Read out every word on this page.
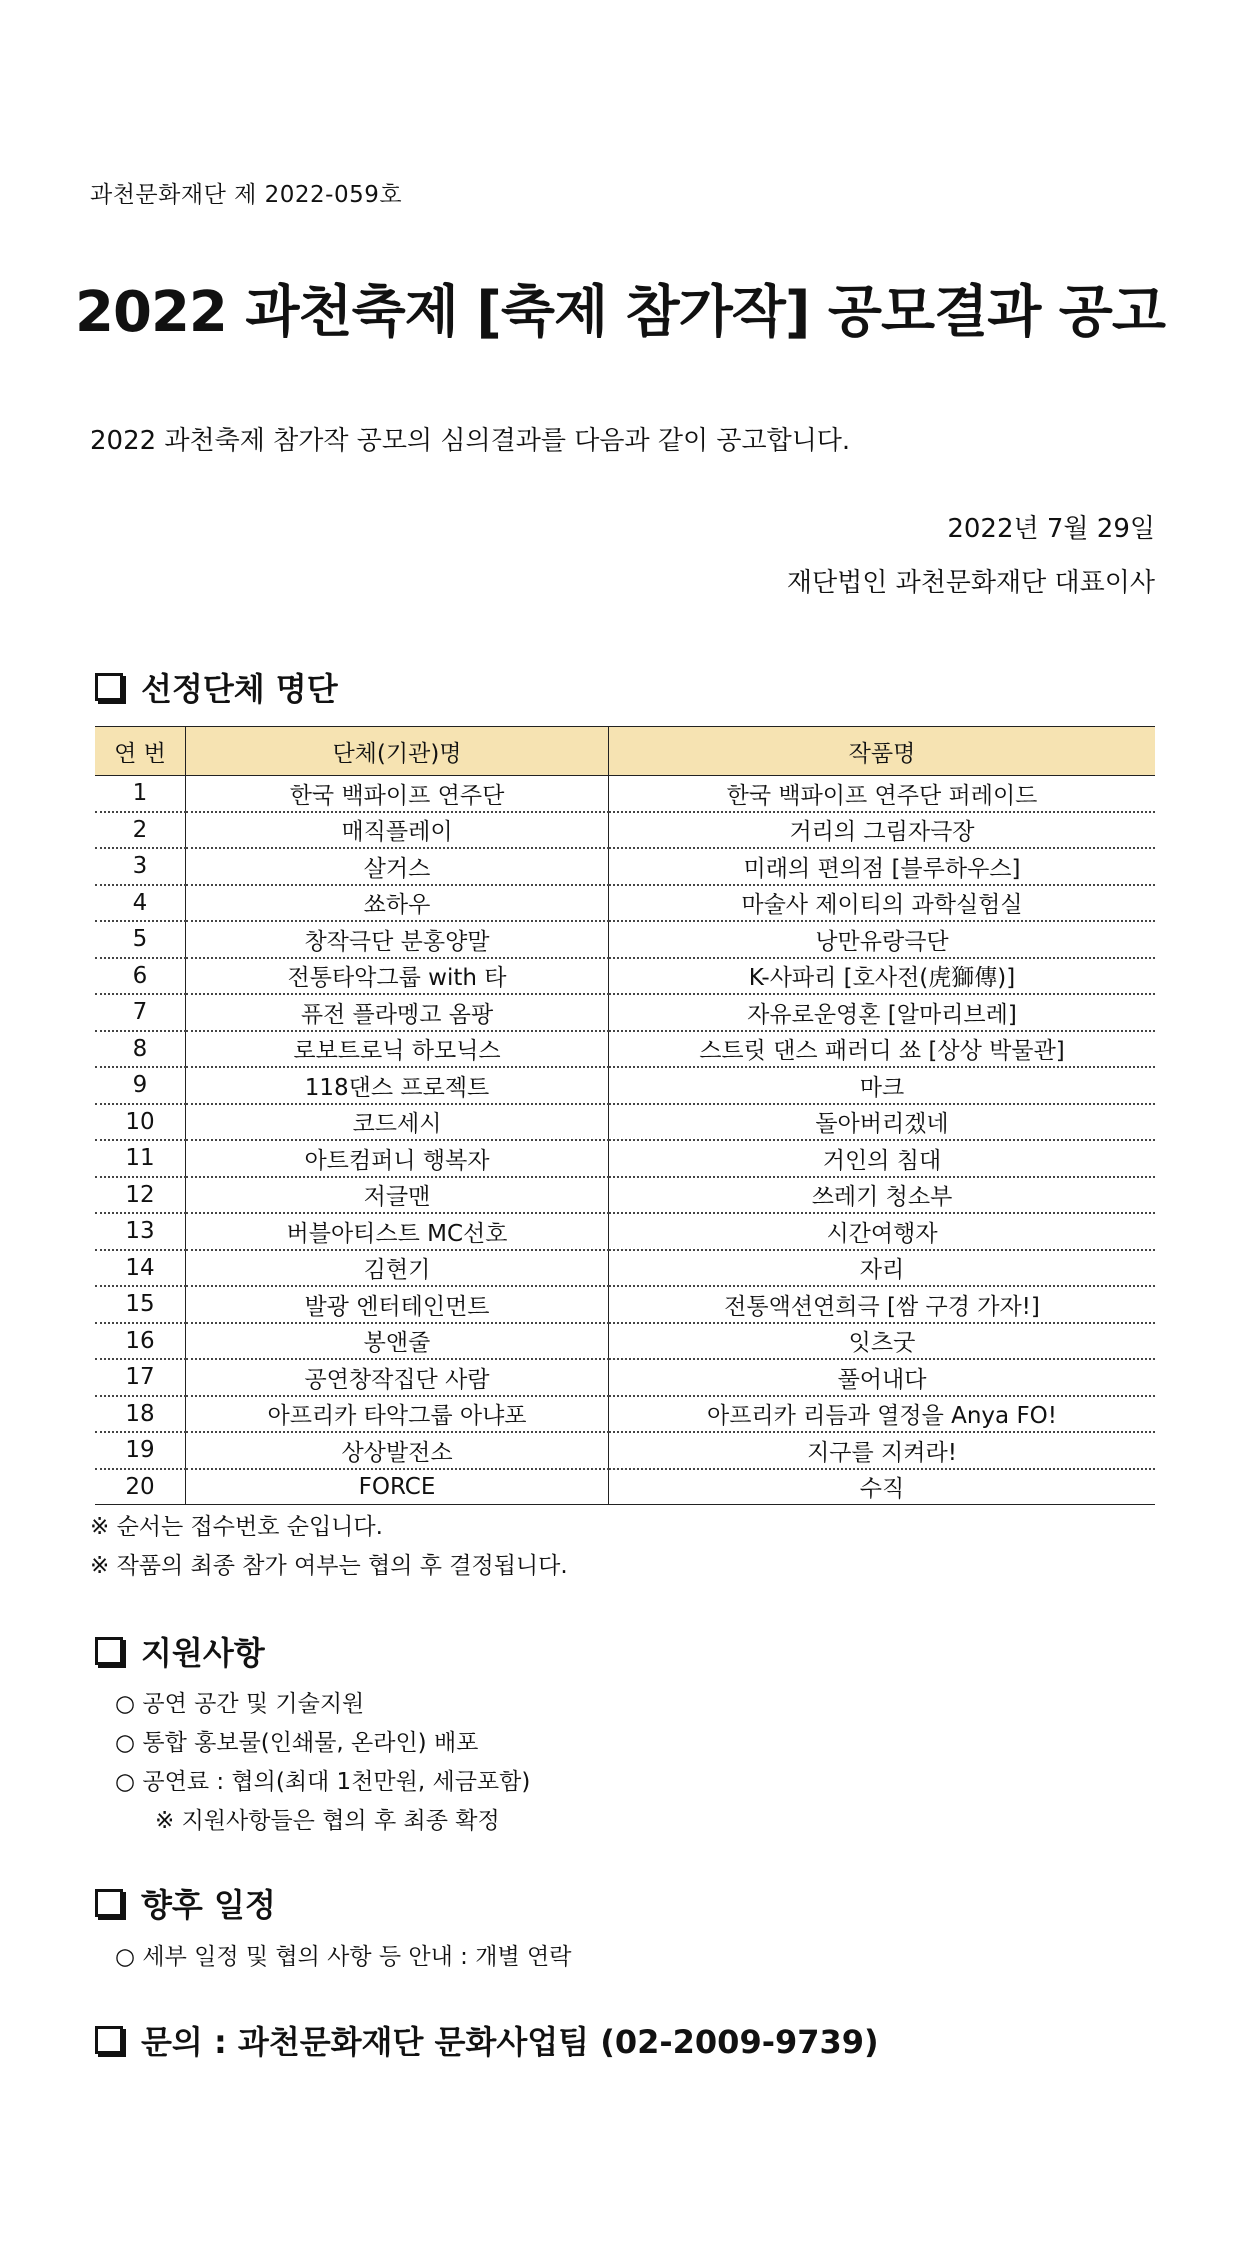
과천문화재단 제 2022-059호
2022 과천축제 [축제 참가작] 공모결과 공고
2022 과천축제 참가작 공모의 심의결과를 다음과 같이 공고합니다.
2022년 7월 29일
재단법인 과천문화재단 대표이사
선정단체 명단
연 번	단체(기관)명	작품명
1	한국 백파이프 연주단	한국 백파이프 연주단 퍼레이드
2	매직플레이	거리의 그림자극장
3	살거스	미래의 편의점 [블루하우스]
4	쑈하우	마술사 제이티의 과학실험실
5	창작극단 분홍양말	낭만유랑극단
6	전통타악그룹 with 타	K-사파리 [호사전(虎獅傳)]
7	퓨전 플라멩고 옴팡	자유로운영혼 [알마리브레]
8	로보트로닉 하모닉스	스트릿 댄스 패러디 쑈 [상상 박물관]
9	118댄스 프로젝트	마크
10	코드세시	돌아버리겠네
11	아트컴퍼니 행복자	거인의 침대
12	저글맨	쓰레기 청소부
13	버블아티스트 MC선호	시간여행자
14	김현기	자리
15	발광 엔터테인먼트	전통액션연희극 [쌈 구경 가자!]
16	봉앤줄	잇츠굿
17	공연창작집단 사람	풀어내다
18	아프리카 타악그룹 아냐포	아프리카 리듬과 열정을 Anya FO!
19	상상발전소	지구를 지켜라!
20	FORCE	수직
※ 순서는 접수번호 순입니다.
※ 작품의 최종 참가 여부는 협의 후 결정됩니다.
지원사항
○ 공연 공간 및 기술지원
○ 통합 홍보물(인쇄물, 온라인) 배포
○ 공연료 : 협의(최대 1천만원, 세금포함)
※ 지원사항들은 협의 후 최종 확정
향후 일정
○ 세부 일정 및 협의 사항 등 안내 : 개별 연락
문의 : 과천문화재단 문화사업팀 (02-2009-9739)
